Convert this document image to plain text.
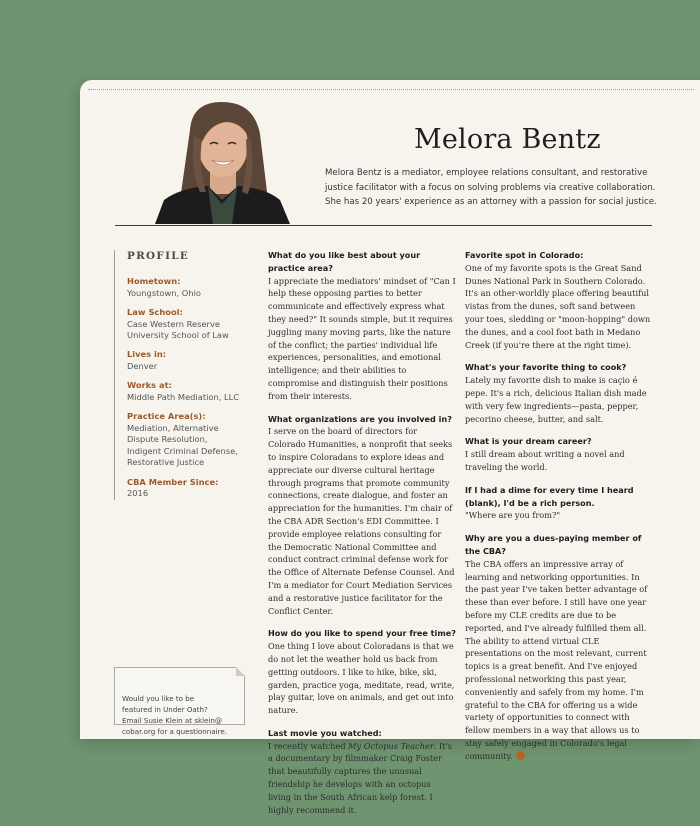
Melora Bentz
Melora Bentz is a mediator, employee relations consultant, and restorative justice facilitator with a focus on solving problems via creative collaboration. She has 20 years' experience as an attorney with a passion for social justice.
PROFILE
Hometown:
Youngstown, Ohio
Law School:
Case Western Reserve
University School of Law
Lives in:
Denver
Works at:
Middle Path Mediation, LLC
Practice Area(s):
Mediation, Alternative
Dispute Resolution,
Indigent Criminal Defense,
Restorative Justice
CBA Member Since:
2016

Would you like to be
featured in Under Oath?
Email Susie Klein at sklein@
cobar.org for a questionnaire.

What do you like best about your practice area?

I appreciate the mediators' mindset of "Can I help these opposing parties to better communicate and effectively express what they need?" It sounds simple, but it requires juggling many moving parts, like the nature of the conflict; the parties' individual life experiences, personalities, and emotional intelligence; and their abilities to compromise and distinguish their positions from their interests.

What organizations are you involved in?

I serve on the board of directors for Colorado Humanities, a nonprofit that seeks to inspire Coloradans to explore ideas and appreciate our diverse cultural heritage through programs that promote community connections, create dialogue, and foster an appreciation for the humanities. I'm chair of the CBA ADR Section's EDI Committee. I provide employee relations consulting for the Democratic National Committee and conduct contract criminal defense work for the Office of Alternate Defense Counsel. And I'm a mediator for Court Mediation Services and a restorative justice facilitator for the Conflict Center.

How do you like to spend your free time?

One thing I love about Coloradans is that we do not let the weather hold us back from getting outdoors. I like to hike, bike, ski, garden, practice yoga, meditate, read, write, play guitar, love on animals, and get out into nature.

Last movie you watched:

I recently watched My Octopus Teacher. It's a documentary by filmmaker Craig Foster that beautifully captures the unusual friendship he develops with an octopus living in the South African kelp forest. I highly recommend it.

Favorite spot in Colorado:

One of my favorite spots is the Great Sand Dunes National Park in Southern Colorado. It's an other-worldly place offering beautiful vistas from the dunes, soft sand between your toes, sledding or "moon-hopping" down the dunes, and a cool foot bath in Medano Creek (if you're there at the right time).

What's your favorite thing to cook?

Lately my favorite dish to make is caçio é pepe. It's a rich, delicious Italian dish made with very few ingredients—pasta, pepper, pecorino cheese, butter, and salt.

What is your dream career?

I still dream about writing a novel and traveling the world.

If I had a dime for every time I heard (blank), I'd be a rich person.

"Where are you from?"

Why are you a dues-paying member of the CBA?

The CBA offers an impressive array of learning and networking opportunities. In the past year I've taken better advantage of these than ever before. I still have one year before my CLE credits are due to be reported, and I've already fulfilled them all. The ability to attend virtual CLE presentations on the most relevant, current topics is a great benefit. And I've enjoyed professional networking this past year, conveniently and safely from my home. I'm grateful to the CBA for offering us a wide variety of opportunities to connect with fellow members in a way that allows us to stay safely engaged in Colorado's legal community.
